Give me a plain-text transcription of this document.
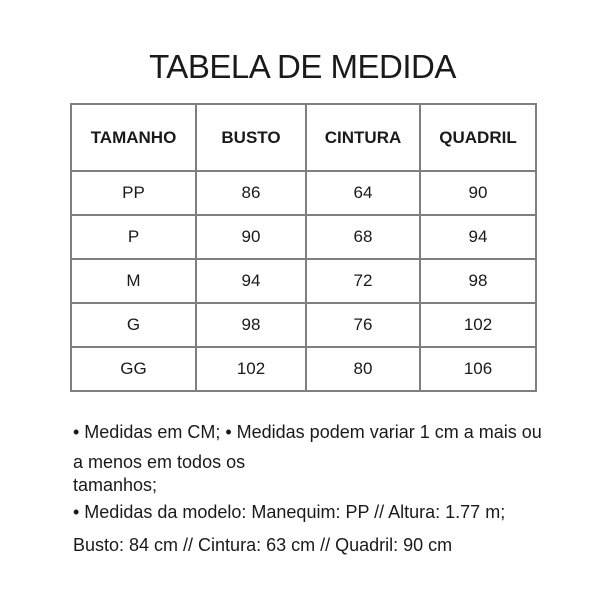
TABELA DE MEDIDA
TAMANHO	BUSTO	CINTURA	QUADRIL
PP	86	64	90
P	90	68	94
M	94	72	98
G	98	76	102
GG	102	80	106

• Medidas em CM; • Medidas podem variar 1 cm a mais ou

a menos em todos os

tamanhos;

• Medidas da modelo: Manequim: PP // Altura: 1.77 m;

Busto: 84 cm // Cintura: 63 cm // Quadril: 90 cm
